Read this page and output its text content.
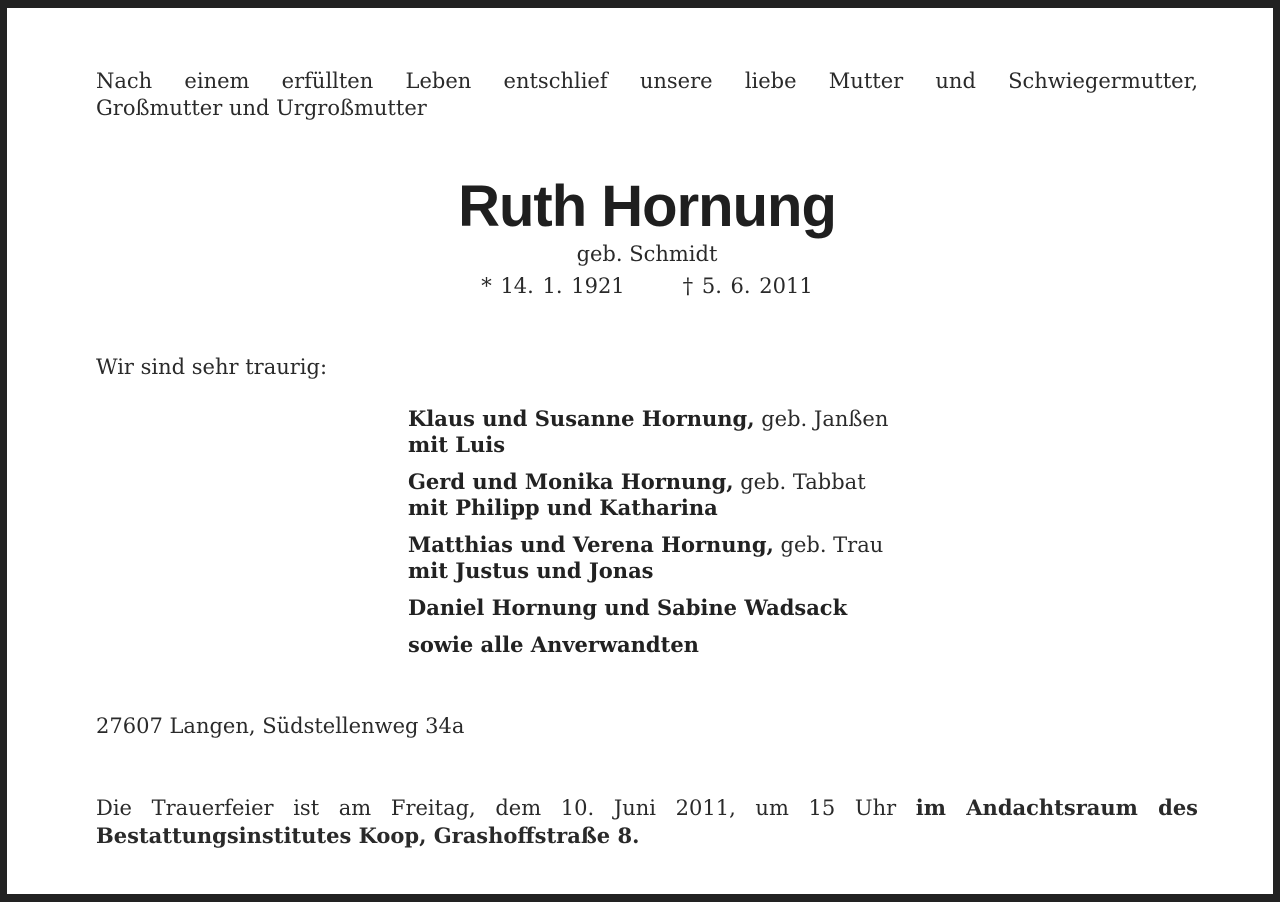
Nach einem erfüllten Leben entschlief unsere liebe Mutter und Schwiegermutter,
Großmutter und Urgroßmutter
Ruth Hornung
geb. Schmidt
* 14. 1. 1921	† 5. 6. 2011
Wir sind sehr traurig:
Klaus und Susanne Hornung, geb. Janßen
mit Luis
Gerd und Monika Hornung, geb. Tabbat
mit Philipp und Katharina
Matthias und Verena Hornung, geb. Trau
mit Justus und Jonas
Daniel Hornung und Sabine Wadsack
sowie alle Anverwandten
27607 Langen, Südstellenweg 34a
Die Trauerfeier ist am Freitag, dem 10. Juni 2011, um 15 Uhr im Andachtsraum des
Bestattungsinstitutes Koop, Grashoffstraße 8.
